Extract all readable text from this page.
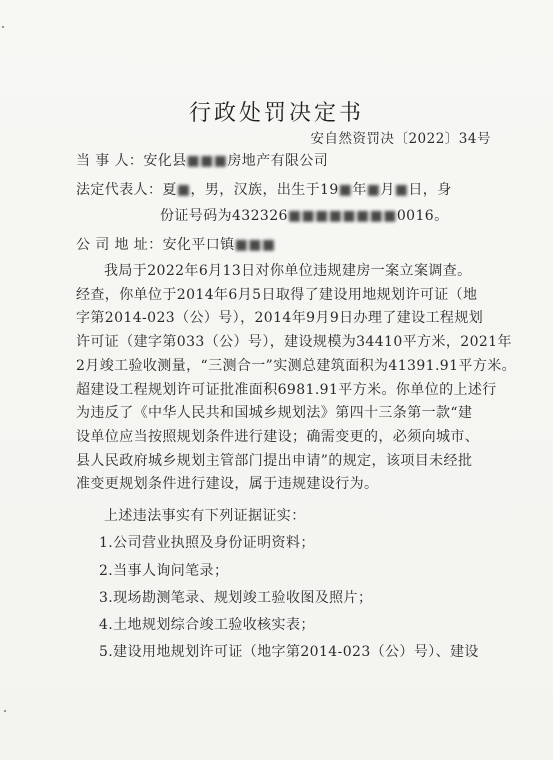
行政处罚决定书
安自然资罚决〔2022〕34号
当 事 人：安化县■■■房地产有限公司
法定代表人：夏■，男，汉族，出生于19■年■月■日，身
份证号码为432326■■■■■■■■0016。
公 司 地 址：安化平口镇■■■
我局于2022年6月13日对你单位违规建房一案立案调查。
经查，你单位于2014年6月5日取得了建设用地规划许可证（地
字第2014-023（公）号），2014年9月9日办理了建设工程规划
许可证（建字第033（公）号），建设规模为34410平方米，2021年
2月竣工验收测量，“三测合一”实测总建筑面积为41391.91平方米。
超建设工程规划许可证批准面积6981.91平方米。你单位的上述行
为违反了《中华人民共和国城乡规划法》第四十三条第一款“建
设单位应当按照规划条件进行建设；确需变更的，必须向城市、
县人民政府城乡规划主管部门提出申请”的规定，该项目未经批
准变更规划条件进行建设，属于违规建设行为。
上述违法事实有下列证据证实：
1.公司营业执照及身份证明资料；
2.当事人询问笔录；
3.现场勘测笔录、规划竣工验收图及照片；
4.土地规划综合竣工验收核实表；
5.建设用地规划许可证（地字第2014-023（公）号）、建设
